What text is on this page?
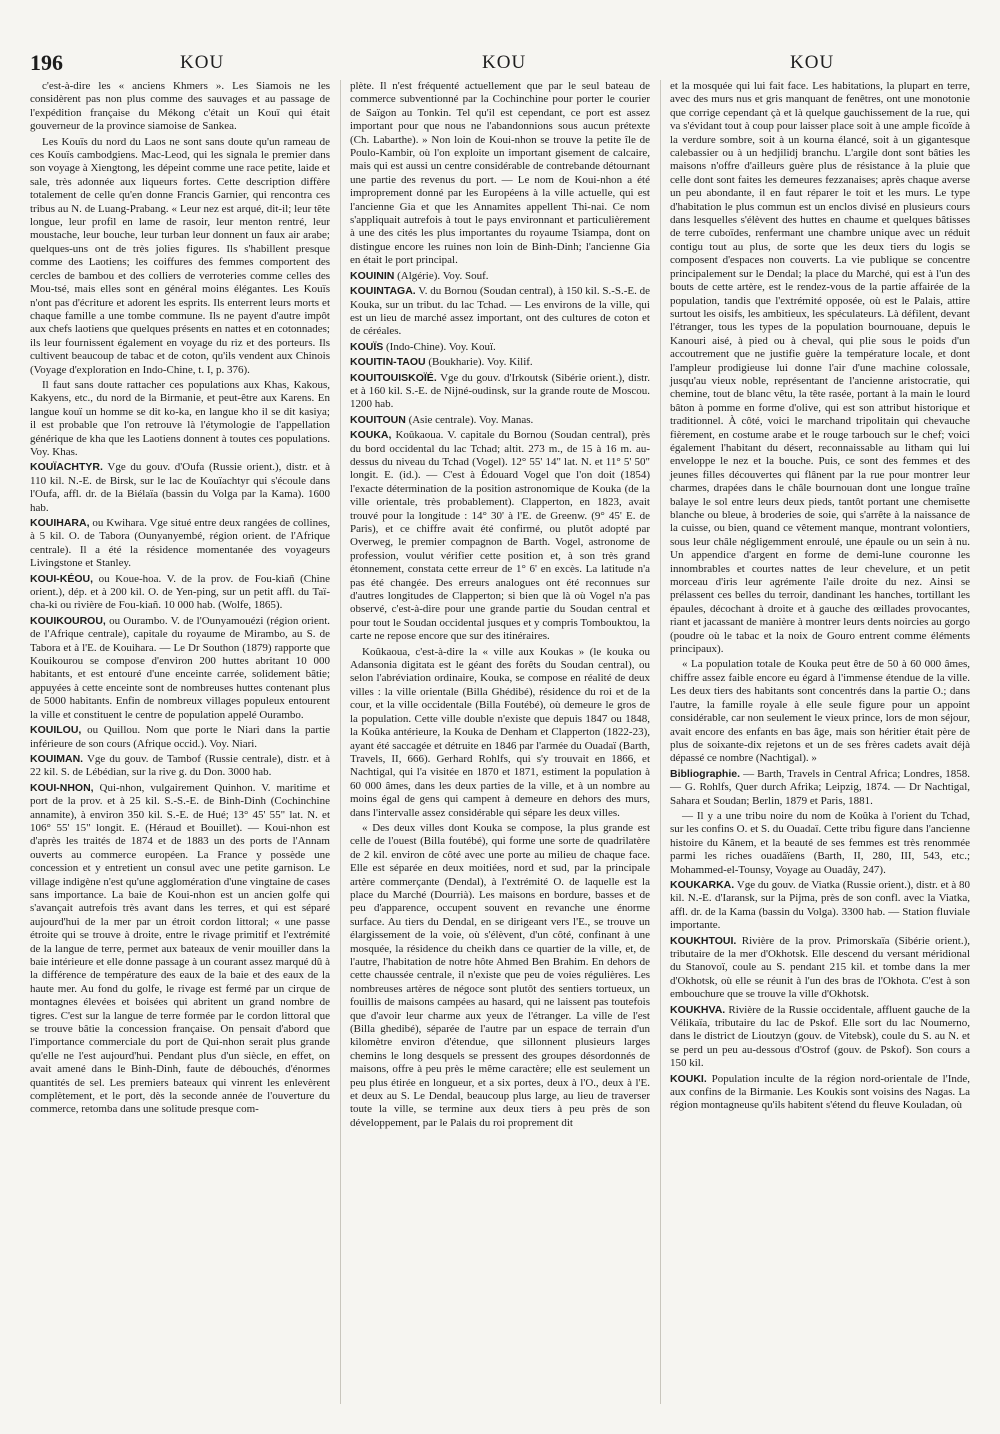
196	KOU	KOU	KOU

c'est-à-dire les « anciens Khmers ». Les Siamois ne les considèrent pas non plus comme des sauvages et au passage de l'expédition française du Mékong c'était un Kouï qui était gouverneur de la province siamoise de Sankea.

Les Kouïs du nord du Laos ne sont sans doute qu'un rameau de ces Kouïs cambodgiens. Mac-Leod, qui les signala le premier dans son voyage à Xiengtong, les dépeint comme une race petite, laide et sale, très adonnée aux liqueurs fortes. Cette description diffère totalement de celle qu'en donne Francis Garnier, qui rencontra ces tribus au N. de Luang-Prabang. « Leur nez est arqué, dit-il; leur tête longue, leur profil en lame de rasoir, leur menton rentré, leur moustache, leur bouche, leur turban leur donnent un faux air arabe; quelques-uns ont de très jolies figures. Ils s'habillent presque comme des Laotiens; les coiffures des femmes comportent des cercles de bambou et des colliers de verroteries comme celles des Mou-tsé, mais elles sont en général moins élégantes. Les Kouïs n'ont pas d'écriture et adorent les esprits. Ils enterrent leurs morts et chaque famille a une tombe commune. Ils ne payent d'autre impôt aux chefs laotiens que quelques présents en nattes et en cotonnades; ils leur fournissent également en voyage du riz et des porteurs. Ils cultivent beaucoup de tabac et de coton, qu'ils vendent aux Chinois (Voyage d'exploration en Indo-Chine, t. I, p. 376).

Il faut sans doute rattacher ces populations aux Khas, Kakous, Kakyens, etc., du nord de la Birmanie, et peut-être aux Karens. En langue kouï un homme se dit ko-ka, en langue kho il se dit kasiya; il est probable que l'on retrouve là l'étymologie de l'appellation générique de kha que les Laotiens donnent à toutes ces populations. Voy. Khas.

KOUÏACHTYR. Vge du gouv. d'Oufa (Russie orient.), distr. et à 110 kil. N.-E. de Birsk, sur le lac de Kouïachtyr qui s'écoule dans l'Oufa, affl. dr. de la Biélaïa (bassin du Volga par la Kama). 1600 hab.

KOUIHARA, ou Kwihara. Vge situé entre deux rangées de collines, à 5 kil. O. de Tabora (Ounyanyembé, région orient. de l'Afrique centrale). Il a été la résidence momentanée des voyageurs Livingstone et Stanley.

KOUI-KÉOU, ou Koue-hoa. V. de la prov. de Fou-kiañ (Chine orient.), dép. et à 200 kil. O. de Yen-ping, sur un petit affl. du Taï-cha-ki ou rivière de Fou-kiañ. 10 000 hab. (Wolfe, 1865).

KOUIKOUROU, ou Ourambo. V. de l'Ounyamouézi (région orient. de l'Afrique centrale), capitale du royaume de Mirambo, au S. de Tabora et à l'E. de Kouihara. — Le Dr Southon (1879) rapporte que Kouikourou se compose d'environ 200 huttes abritant 10 000 habitants, et est entouré d'une enceinte carrée, solidement bâtie; appuyées à cette enceinte sont de nombreuses huttes contenant plus de 5000 habitants. Enfin de nombreux villages populeux entourent la ville et constituent le centre de population appelé Ourambo.

KOUILOU, ou Quillou. Nom que porte le Niari dans la partie inférieure de son cours (Afrique occid.). Voy. Niari.

KOUIMAN. Vge du gouv. de Tambof (Russie centrale), distr. et à 22 kil. S. de Lébédian, sur la rive g. du Don. 3000 hab.

KOUI-NHON, Qui-nhon, vulgairement Quinhon. V. maritime et port de la prov. et à 25 kil. S.-S.-E. de Binh-Dinh (Cochinchine annamite), à environ 350 kil. S.-E. de Hué; 13° 45' 55" lat. N. et 106° 55' 15" longit. E. (Héraud et Bouillet). — Koui-nhon est d'après les traités de 1874 et de 1883 un des ports de l'Annam ouverts au commerce européen. La France y possède une concession et y entretient un consul avec une petite garnison. Le village indigène n'est qu'une agglomération d'une vingtaine de cases sans importance. La baie de Koui-nhon est un ancien golfe qui s'avançait autrefois très avant dans les terres, et qui est séparé aujourd'hui de la mer par un étroit cordon littoral; « une passe étroite qui se trouve à droite, entre le rivage primitif et l'extrémité de la langue de terre, permet aux bateaux de venir mouiller dans la baie intérieure et elle donne passage à un courant assez marqué dû à la différence de température des eaux de la baie et des eaux de la haute mer. Au fond du golfe, le rivage est fermé par un cirque de montagnes élevées et boisées qui abritent un grand nombre de tigres. C'est sur la langue de terre formée par le cordon littoral que se trouve bâtie la concession française. On pensait d'abord que l'importance commerciale du port de Qui-nhon serait plus grande qu'elle ne l'est aujourd'hui. Pendant plus d'un siècle, en effet, on avait amené dans le Binh-Dinh, faute de débouchés, d'énormes quantités de sel. Les premiers bateaux qui vinrent les enlevèrent complètement, et le port, dès la seconde année de l'ouverture du commerce, retomba dans une solitude presque com-

plète. Il n'est fréquenté actuellement que par le seul bateau de commerce subventionné par la Cochinchine pour porter le courier de Saïgon au Tonkin. Tel qu'il est cependant, ce port est assez important pour que nous ne l'abandonnions sous aucun prétexte (Ch. Labarthe). » Non loin de Koui-nhon se trouve la petite île de Poulo-Kambir, où l'on exploite un important gisement de calcaire, mais qui est aussi un centre considérable de contrebande détournant une partie des revenus du port. — Le nom de Koui-nhon a été improprement donné par les Européens à la ville actuelle, qui est l'ancienne Gia et que les Annamites appellent Thi-nai. Ce nom s'appliquait autrefois à tout le pays environnant et particulièrement à une des cités les plus importantes du royaume Tsiampa, dont on distingue encore les ruines non loin de Binh-Dinh; l'ancienne Gia en était le port principal.

KOUININ (Algérie). Voy. Souf.

KOUINTAGA. V. du Bornou (Soudan central), à 150 kil. S.-S.-E. de Kouka, sur un tribut. du lac Tchad. — Les environs de la ville, qui est un lieu de marché assez important, ont des cultures de coton et de céréales.

KOUÏS (Indo-Chine). Voy. Kouï.

KOUITIN-TAOU (Boukharie). Voy. Kilif.

KOUITOUISKOÏÉ. Vge du gouv. d'Irkoutsk (Sibérie orient.), distr. et à 160 kil. S.-E. de Nijné-oudinsk, sur la grande route de Moscou. 1200 hab.

KOUITOUN (Asie centrale). Voy. Manas.

KOUKA, Koûkaoua. V. capitale du Bornou (Soudan central), près du bord occidental du lac Tchad; altit. 273 m., de 15 à 16 m. au-dessus du niveau du Tchad (Vogel). 12° 55' 14" lat. N. et 11° 5' 50" longit. E. (id.). — C'est à Édouard Vogel que l'on doit (1854) l'exacte détermination de la position astronomique de Kouka (de la ville orientale, très probablement). Clapperton, en 1823, avait trouvé pour la longitude : 14° 30' à l'E. de Greenw. (9° 45' E. de Paris), et ce chiffre avait été confirmé, ou plutôt adopté par Overweg, le premier compagnon de Barth. Vogel, astronome de profession, voulut vérifier cette position et, à son très grand étonnement, constata cette erreur de 1° 6' en excès. La latitude n'a pas été changée. Des erreurs analogues ont été reconnues sur d'autres longitudes de Clapperton; si bien que là où Vogel n'a pas observé, c'est-à-dire pour une grande partie du Soudan central et pour tout le Soudan occidental jusques et y compris Tombouktou, la carte ne repose encore que sur des itinéraires.

Koûkaoua, c'est-à-dire la « ville aux Koukas » (le kouka ou Adansonia digitata est le géant des forêts du Soudan central), ou selon l'abréviation ordinaire, Kouka, se compose en réalité de deux villes : la ville orientale (Billa Ghédibé), résidence du roi et de la cour, et la ville occidentale (Billa Foutébé), où demeure le gros de la population. Cette ville double n'existe que depuis 1847 ou 1848, la Koûka antérieure, la Kouka de Denham et Clapperton (1822-23), ayant été saccagée et détruite en 1846 par l'armée du Ouadaï (Barth, Travels, II, 666). Gerhard Rohlfs, qui s'y trouvait en 1866, et Nachtigal, qui l'a visitée en 1870 et 1871, estiment la population à 60 000 âmes, dans les deux parties de la ville, et à un nombre au moins égal de gens qui campent à demeure en dehors des murs, dans l'intervalle assez considérable qui sépare les deux villes.

« Des deux villes dont Kouka se compose, la plus grande est celle de l'ouest (Billa foutébé), qui forme une sorte de quadrilatère de 2 kil. environ de côté avec une porte au milieu de chaque face. Elle est séparée en deux moitiées, nord et sud, par la principale artère commerçante (Dendal), à l'extrémité O. de laquelle est la place du Marché (Dourrià). Les maisons en bordure, basses et de peu d'apparence, occupent souvent en revanche une énorme surface. Au tiers du Dendal, en se dirigeant vers l'E., se trouve un élargissement de la voie, où s'élèvent, d'un côté, confinant à une mosquée, la résidence du cheikh dans ce quartier de la ville, et, de l'autre, l'habitation de notre hôte Ahmed Ben Brahim. En dehors de cette chaussée centrale, il n'existe que peu de voies régulières. Les nombreuses artères de négoce sont plutôt des sentiers tortueux, un fouillis de maisons campées au hasard, qui ne laissent pas toutefois que d'avoir leur charme aux yeux de l'étranger. La ville de l'est (Billa ghedibé), séparée de l'autre par un espace de terrain d'un kilomètre environ d'étendue, que sillonnent plusieurs larges chemins le long desquels se pressent des groupes désordonnés de maisons, offre à peu près le même caractère; elle est seulement un peu plus étirée en longueur, et a six portes, deux à l'O., deux à l'E. et deux au S. Le Dendal, beaucoup plus large, au lieu de traverser toute la ville, se termine aux deux tiers à peu près de son développement, par le Palais du roi proprement dit

et la mosquée qui lui fait face. Les habitations, la plupart en terre, avec des murs nus et gris manquant de fenêtres, ont une monotonie que corrige cependant çà et là quelque gauchissement de la rue, qui va s'évidant tout à coup pour laisser place soit à une ample ficoïde à la verdure sombre, soit à un kourna élancé, soit à un gigantesque calebassier ou à un hedjilidj branchu. L'argile dont sont bâties les maisons n'offre d'ailleurs guère plus de résistance à la pluie que celle dont sont faites les demeures fezzanaises; après chaque averse un peu abondante, il en faut réparer le toit et les murs. Le type d'habitation le plus commun est un enclos divisé en plusieurs cours dans lesquelles s'élèvent des huttes en chaume et quelques bâtisses de terre cuboïdes, renfermant une chambre unique avec un réduit contigu tout au plus, de sorte que les deux tiers du logis se composent d'espaces non couverts. La vie publique se concentre principalement sur le Dendal; la place du Marché, qui est à l'un des bouts de cette artère, est le rendez-vous de la partie affairée de la population, tandis que l'extrémité opposée, où est le Palais, attire surtout les oisifs, les ambitieux, les spéculateurs. Là défilent, devant l'étranger, tous les types de la population bournouane, depuis le Kanouri aisé, à pied ou à cheval, qui plie sous le poids d'un accoutrement que ne justifie guère la température locale, et dont l'ampleur prodigieuse lui donne l'air d'une machine colossale, jusqu'au vieux noble, représentant de l'ancienne aristocratie, qui chemine, tout de blanc vêtu, la tête rasée, portant à la main le lourd bâton à pomme en forme d'olive, qui est son attribut historique et traditionnel. À côté, voici le marchand tripolitain qui chevauche fièrement, en costume arabe et le rouge tarbouch sur le chef; voici également l'habitant du désert, reconnaissable au litham qui lui enveloppe le nez et la bouche. Puis, ce sont des femmes et des jeunes filles découvertes qui flânent par la rue pour montrer leur charmes, drapées dans le châle bournouan dont une longue traîne balaye le sol entre leurs deux pieds, tantôt portant une chemisette blanche ou bleue, à broderies de soie, qui s'arrête à la naissance de la cuisse, ou bien, quand ce vêtement manque, montrant volontiers, sous leur châle négligemment enroulé, une épaule ou un sein à nu. Un appendice d'argent en forme de demi-lune couronne les innombrables et courtes nattes de leur chevelure, et un petit morceau d'iris leur agrémente l'aile droite du nez. Ainsi se prélassent ces belles du terroir, dandinant les hanches, tortillant les épaules, décochant à droite et à gauche des œillades provocantes, riant et jacassant de manière à montrer leurs dents noircies au gorgo (poudre où le tabac et la noix de Gouro entrent comme éléments principaux).

« La population totale de Kouka peut être de 50 à 60 000 âmes, chiffre assez faible encore eu égard à l'immense étendue de la ville. Les deux tiers des habitants sont concentrés dans la partie O.; dans l'autre, la famille royale à elle seule figure pour un appoint considérable, car non seulement le vieux prince, lors de mon séjour, avait encore des enfants en bas âge, mais son héritier était père de plus de soixante-dix rejetons et un de ses frères cadets avait déjà dépassé ce nombre (Nachtigal). »

Bibliographie. — Barth, Travels in Central Africa; Londres, 1858. — G. Rohlfs, Quer durch Afrika; Leipzig, 1874. — Dr Nachtigal, Sahara et Soudan; Berlin, 1879 et Paris, 1881.

— Il y a une tribu noire du nom de Koûka à l'orient du Tchad, sur les confins O. et S. du Ouadaï. Cette tribu figure dans l'ancienne histoire du Kânem, et la beauté de ses femmes est très renommée parmi les riches ouadâïens (Barth, II, 280, III, 543, etc.; Mohammed-el-Tounsy, Voyage au Ouadây, 247).

KOUKARKA. Vge du gouv. de Viatka (Russie orient.), distr. et à 80 kil. N.-E. d'Iaransk, sur la Pijma, près de son confl. avec la Viatka, affl. dr. de la Kama (bassin du Volga). 3300 hab. — Station fluviale importante.

KOUKHTOUI. Rivière de la prov. Primorskaïa (Sibérie orient.), tributaire de la mer d'Okhotsk. Elle descend du versant méridional du Stanovoï, coule au S. pendant 215 kil. et tombe dans la mer d'Okhotsk, où elle se réunit à l'un des bras de l'Okhota. C'est à son embouchure que se trouve la ville d'Okhotsk.

KOUKHVA. Rivière de la Russie occidentale, affluent gauche de la Vélikaïa, tributaire du lac de Pskof. Elle sort du lac Noumerno, dans le district de Lioutzyn (gouv. de Vitebsk), coule du S. au N. et se perd un peu au-dessous d'Ostrof (gouv. de Pskof). Son cours a 150 kil.

KOUKI. Population inculte de la région nord-orientale de l'Inde, aux confins de la Birmanie. Les Koukis sont voisins des Nagas. La région montagneuse qu'ils habitent s'étend du fleuve Kouladan, où
